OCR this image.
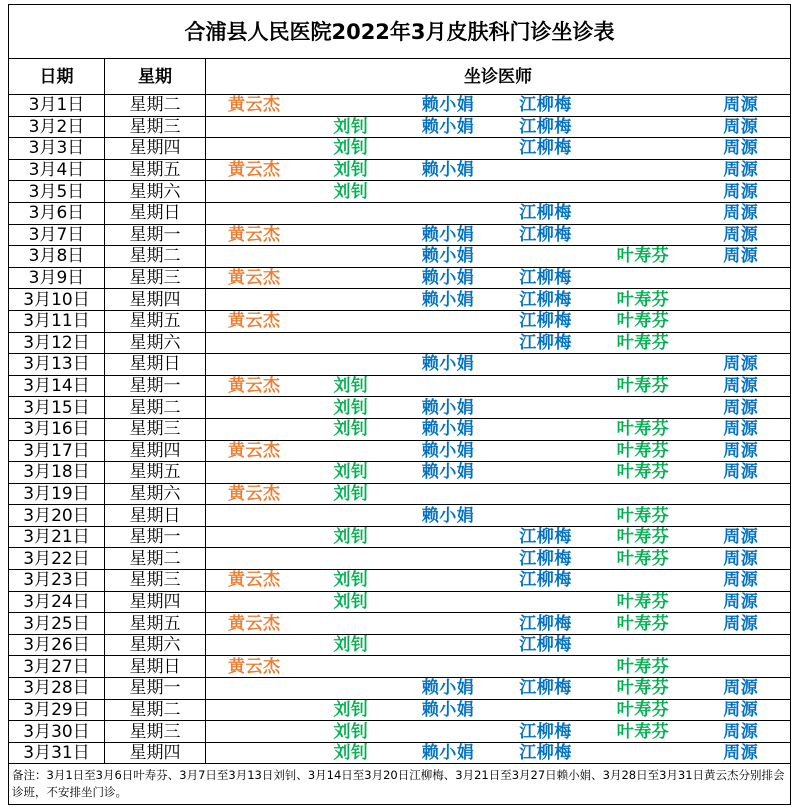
合浦县人民医院2022年3月皮肤科门诊坐诊表							
日期	星期	坐诊医师					
3月1日	星期二	黄云杰		赖小娟	江柳梅		周源
3月2日	星期三		刘钊	赖小娟	江柳梅		周源
3月3日	星期四		刘钊		江柳梅		周源
3月4日	星期五	黄云杰	刘钊	赖小娟			周源
3月5日	星期六		刘钊				周源
3月6日	星期日				江柳梅		周源
3月7日	星期一	黄云杰		赖小娟	江柳梅		周源
3月8日	星期二			赖小娟		叶寿芬	周源
3月9日	星期三	黄云杰		赖小娟	江柳梅		
3月10日	星期四			赖小娟	江柳梅	叶寿芬	
3月11日	星期五	黄云杰			江柳梅	叶寿芬	
3月12日	星期六				江柳梅	叶寿芬	
3月13日	星期日			赖小娟			周源
3月14日	星期一	黄云杰	刘钊			叶寿芬	周源
3月15日	星期二		刘钊	赖小娟			周源
3月16日	星期三		刘钊	赖小娟		叶寿芬	周源
3月17日	星期四	黄云杰		赖小娟		叶寿芬	周源
3月18日	星期五		刘钊	赖小娟		叶寿芬	周源
3月19日	星期六	黄云杰	刘钊				
3月20日	星期日			赖小娟		叶寿芬	
3月21日	星期一		刘钊		江柳梅	叶寿芬	周源
3月22日	星期二				江柳梅	叶寿芬	周源
3月23日	星期三	黄云杰	刘钊		江柳梅		周源
3月24日	星期四		刘钊			叶寿芬	周源
3月25日	星期五	黄云杰			江柳梅	叶寿芬	周源
3月26日	星期六		刘钊		江柳梅		
3月27日	星期日	黄云杰				叶寿芬	
3月28日	星期一			赖小娟	江柳梅	叶寿芬	周源
3月29日	星期二		刘钊	赖小娟		叶寿芬	周源
3月30日	星期三		刘钊		江柳梅	叶寿芬	周源
3月31日	星期四		刘钊	赖小娟	江柳梅		周源
备注：3月1日至3月6日叶寿芬、3月7日至3月13日刘钊、3月14日至3月20日江柳梅、3月21日至3月27日赖小娟、3月28日至3月31日黄云杰分别排会诊班，不安排坐门诊。							
